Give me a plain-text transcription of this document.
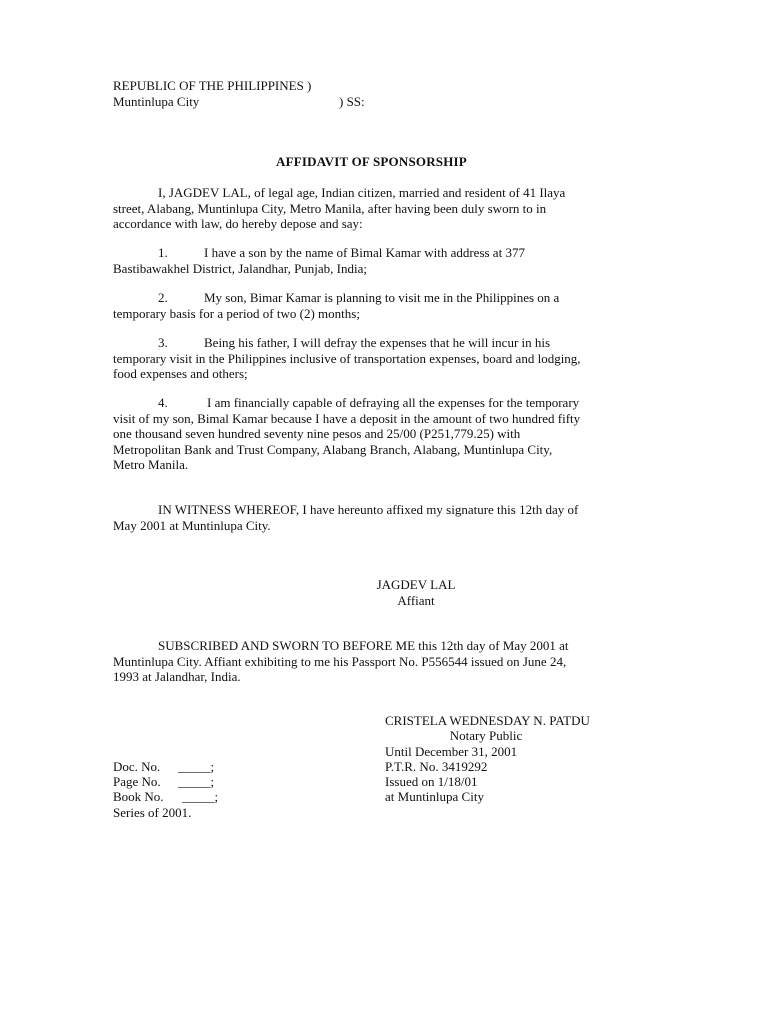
REPUBLIC OF THE PHILIPPINES )
Muntinlupa City	) SS:
AFFIDAVIT OF SPONSORSHIP
I, JAGDEV LAL, of legal age, Indian citizen, married and resident of 41 Ilaya
street, Alabang, Muntinlupa City, Metro Manila, after having been duly sworn to in
accordance with law, do hereby depose and say:
1.	I have a son by the name of Bimal Kamar with address at 377
Bastibawakhel District, Jalandhar, Punjab, India;
2.	My son, Bimar Kamar is planning to visit me in the Philippines on a
temporary basis for a period of two (2) months;
3.	Being his father, I will defray the expenses that he will incur in his
temporary visit in the Philippines inclusive of transportation expenses, board and lodging,
food expenses and others;
4.	I am financially capable of defraying all the expenses for the temporary
visit of my son, Bimal Kamar because I have a deposit in the amount of two hundred fifty
one thousand seven hundred seventy nine pesos and 25/00 (P251,779.25) with
Metropolitan Bank and Trust Company, Alabang Branch, Alabang, Muntinlupa City,
Metro Manila.
IN WITNESS WHEREOF, I have hereunto affixed my signature this 12th day of
May 2001 at Muntinlupa City.
JAGDEV LAL
Affiant
SUBSCRIBED AND SWORN TO BEFORE ME this 12th day of May 2001 at
Muntinlupa City. Affiant exhibiting to me his Passport No. P556544 issued on June 24,
1993 at Jalandhar, India.
CRISTELA WEDNESDAY N. PATDU
Notary Public
Until December 31, 2001
P.T.R. No. 3419292
Issued on 1/18/01
at Muntinlupa City
Doc. No. _____;
Page No. _____;
Book No. _____;
Series of 2001.
